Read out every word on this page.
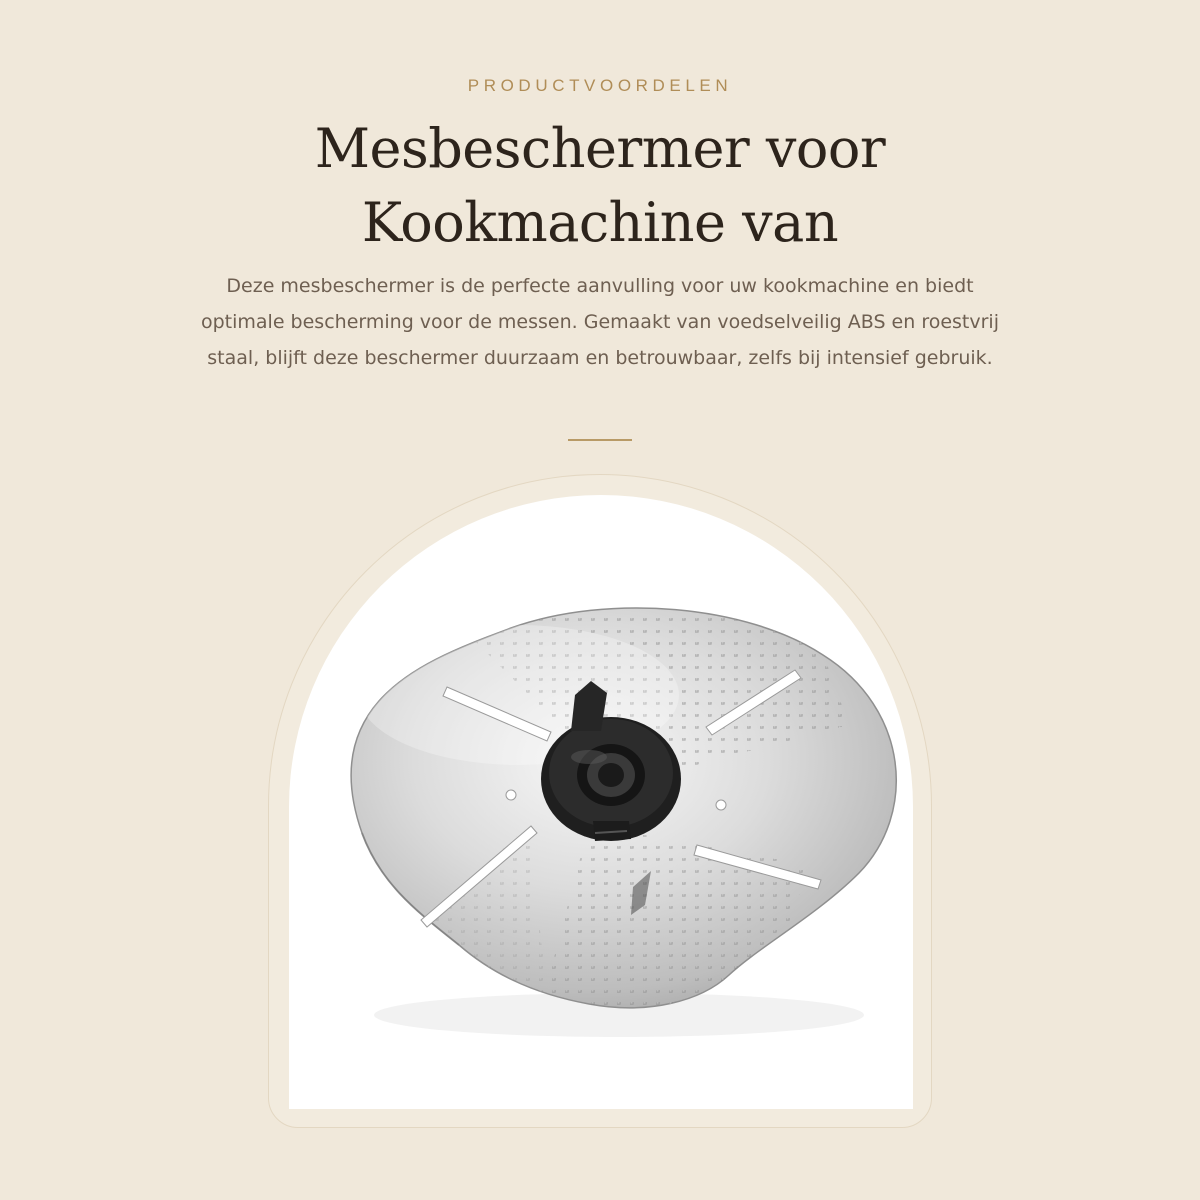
PRODUCTVOORDELEN
Mesbeschermer voor
Kookmachine van

Deze mesbeschermer is de perfecte aanvulling voor uw kookmachine en biedt optimale bescherming voor de messen. Gemaakt van voedselveilig ABS en roestvrij staal, blijft deze beschermer duurzaam en betrouwbaar, zelfs bij intensief gebruik.
